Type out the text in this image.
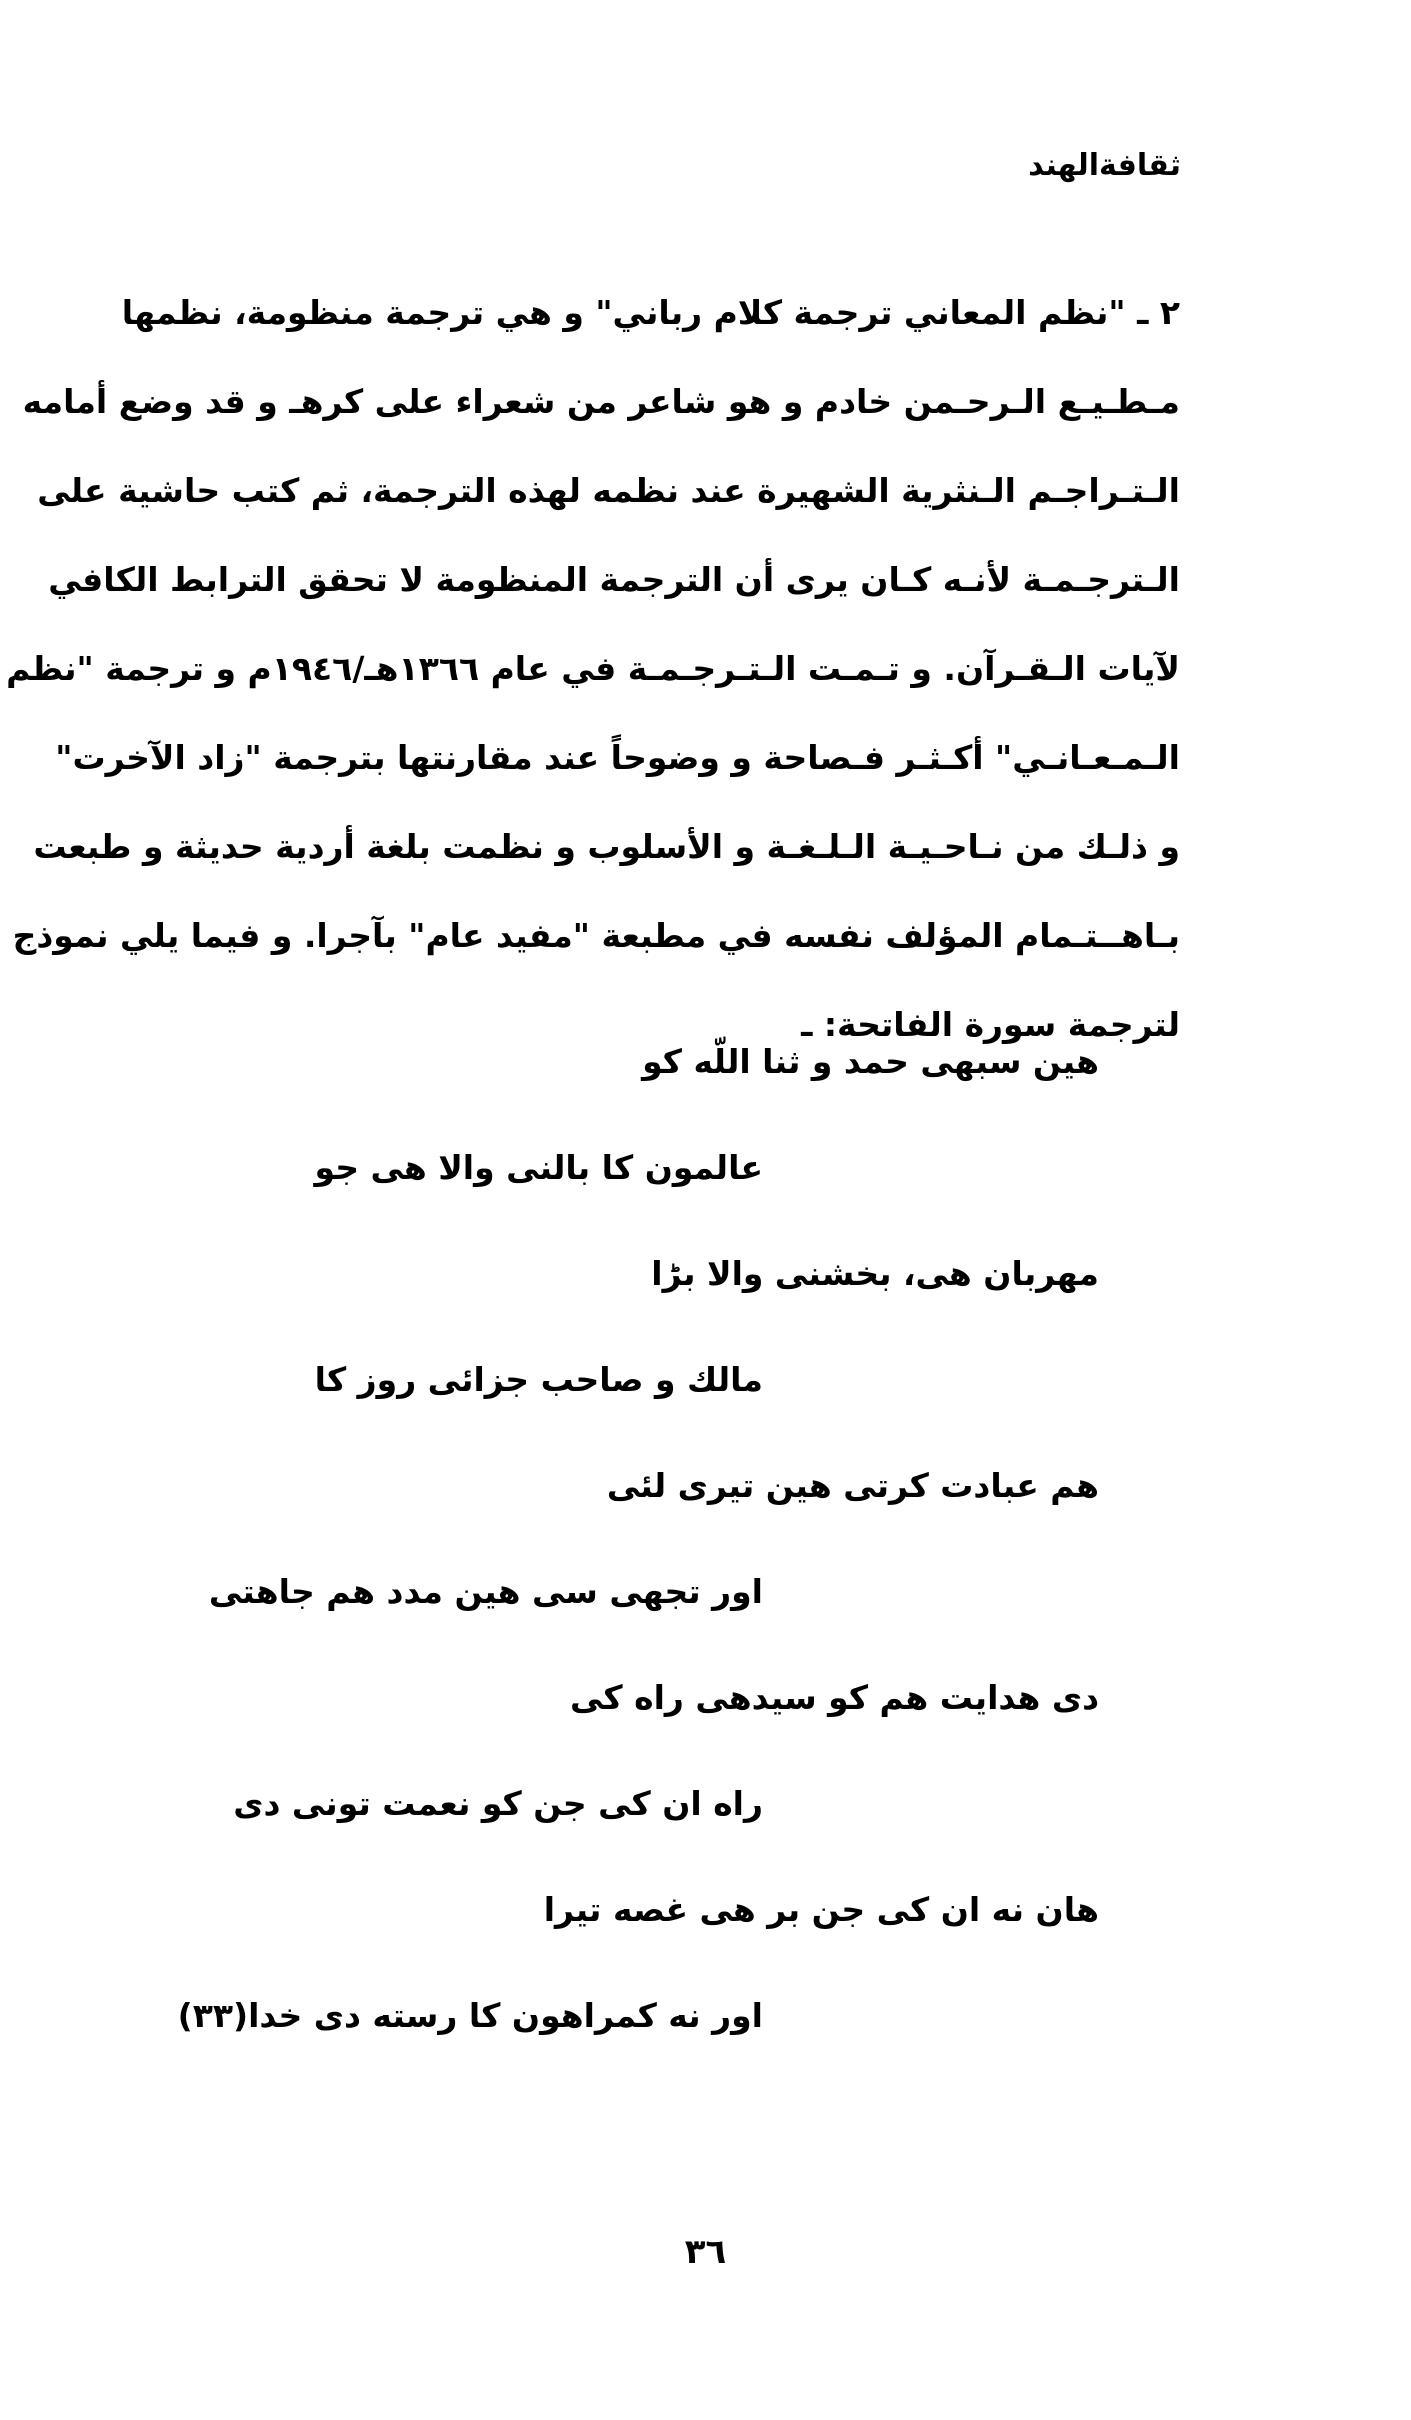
ثقافةالهند
٢ ـ "نظم المعاني ترجمة كلام رباني" و هي ترجمة منظومة، نظمها
مـطـيـع الـرحـمن خادم و هو شاعر من شعراء على كرهـ و قد وضع أمامه
الـتـراجـم الـنثرية الشهيرة عند نظمه لهذه الترجمة، ثم كتب حاشية على
الـترجـمـة لأنـه كـان يرى أن الترجمة المنظومة لا تحقق الترابط الكافي
لآيات الـقـرآن. و تـمـت الـتـرجـمـة في عام ١٣٦٦هـ/١٩٤٦م و ترجمة "نظم
الـمـعـانـي" أكـثـر فـصاحة و وضوحاً عند مقارنتها بترجمة "زاد الآخرت"
و ذلـك من نـاحـيـة الـلـغـة و الأسلوب و نظمت بلغة أردية حديثة و طبعت
بـاهــتـمام المؤلف نفسه في مطبعة "مفيد عام" بآجرا. و فيما يلي نموذج
لترجمة سورة الفاتحة: ـ
هين سبهى حمد و ثنا اللّه كو
عالمون كا بالنى والا هى جو
مهربان هى، بخشنى والا بڑا
مالك و صاحب جزائى روز كا
هم عبادت كرتى هين تيرى لئى
اور تجهى سى هين مدد هم جاهتى
دى هدايت هم كو سيدهى راه كى
راه ان كى جن كو نعمت تونى دى
هان نه ان كى جن بر هى غصه تيرا
اور نه كمراهون كا رسته دى خدا(٣٣)
٣٦
